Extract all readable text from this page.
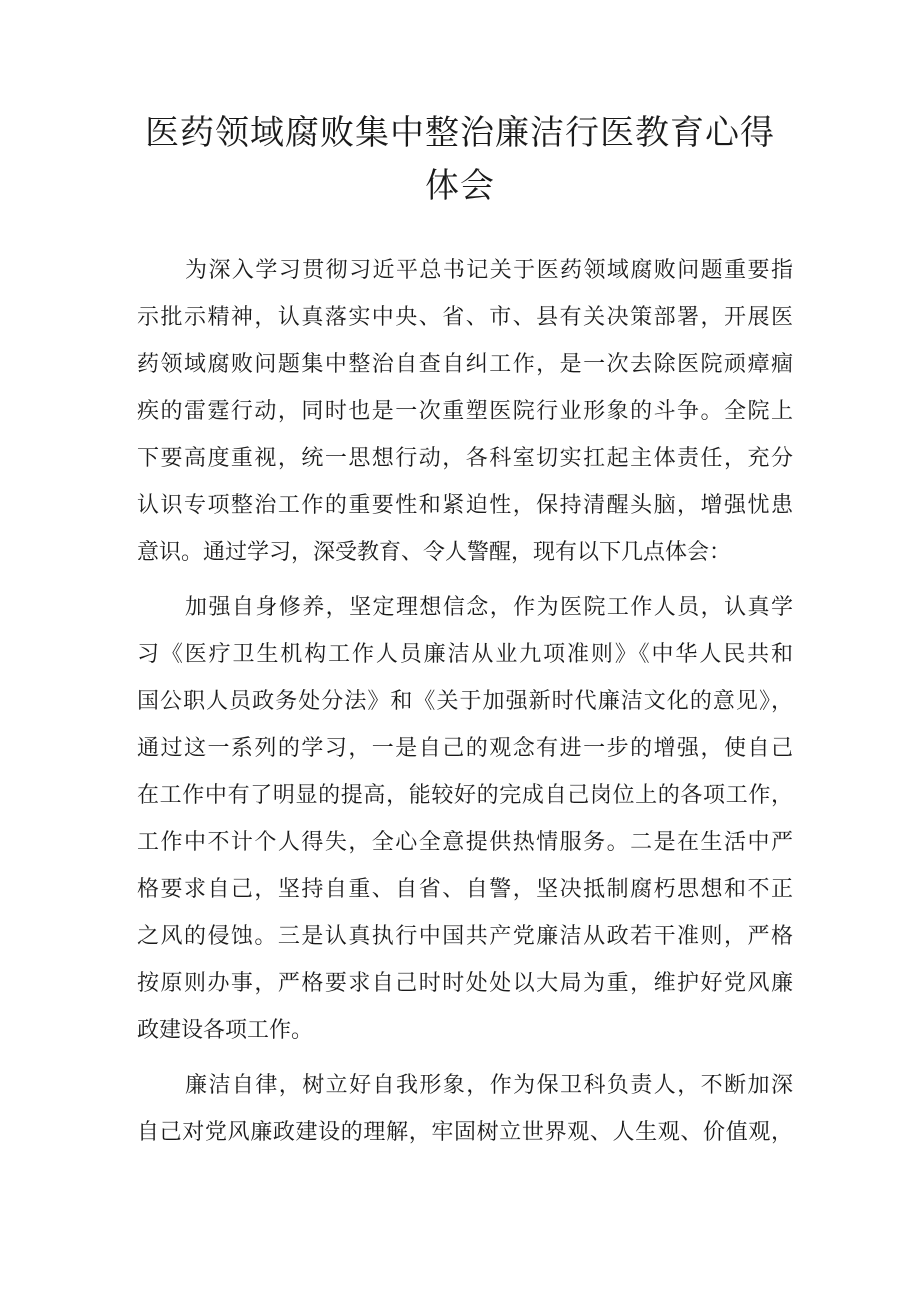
医药领域腐败集中整治廉洁行医教育心得
体会
为深入学习贯彻习近平总书记关于医药领域腐败问题重要指
示批示精神，认真落实中央、省、市、县有关决策部署，开展医
药领域腐败问题集中整治自查自纠工作，是一次去除医院顽瘴痼
疾的雷霆行动，同时也是一次重塑医院行业形象的斗争。全院上
下要高度重视，统一思想行动，各科室切实扛起主体责任，充分
认识专项整治工作的重要性和紧迫性，保持清醒头脑，增强忧患
意识。通过学习，深受教育、令人警醒，现有以下几点体会：
加强自身修养，坚定理想信念，作为医院工作人员，认真学
习《医疗卫生机构工作人员廉洁从业九项准则》《中华人民共和
国公职人员政务处分法》和《关于加强新时代廉洁文化的意见》，
通过这一系列的学习，一是自己的观念有进一步的增强，使自己
在工作中有了明显的提高，能较好的完成自己岗位上的各项工作，
工作中不计个人得失，全心全意提供热情服务。二是在生活中严
格要求自己，坚持自重、自省、自警，坚决抵制腐朽思想和不正
之风的侵蚀。三是认真执行中国共产党廉洁从政若干准则，严格
按原则办事，严格要求自己时时处处以大局为重，维护好党风廉
政建设各项工作。
廉洁自律，树立好自我形象，作为保卫科负责人，不断加深
自己对党风廉政建设的理解，牢固树立世界观、人生观、价值观，
